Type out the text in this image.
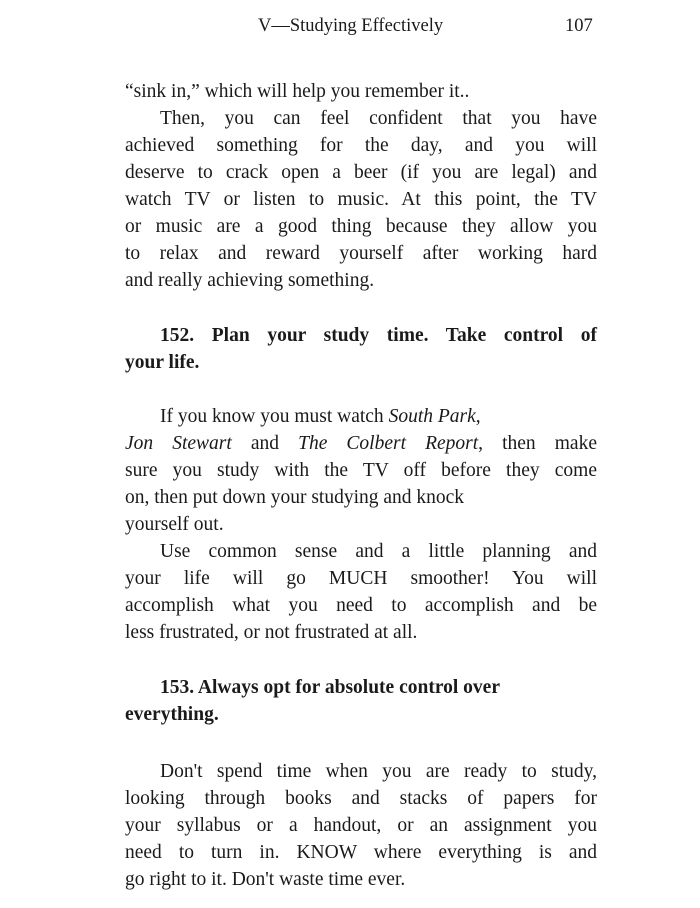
V—Studying Effectively	107
“sink in,” which will help you remember it..
Then, you can feel confident that you have
achieved something for the day, and you will
deserve to crack open a beer (if you are legal) and
watch TV or listen to music. At this point, the TV
or music are a good thing because they allow you
to relax and reward yourself after working hard
and really achieving something.
152. Plan your study time. Take control of
your life.
If you know you must watch South Park,
Jon Stewart and The Colbert Report, then make
sure you study with the TV off before they come
on, then put down your studying and knock
yourself out.
Use common sense and a little planning and
your life will go MUCH smoother! You will
accomplish what you need to accomplish and be
less frustrated, or not frustrated at all.
153. Always opt for absolute control over
everything.
Don't spend time when you are ready to study,
looking through books and stacks of papers for
your syllabus or a handout, or an assignment you
need to turn in. KNOW where everything is and
go right to it. Don't waste time ever.
